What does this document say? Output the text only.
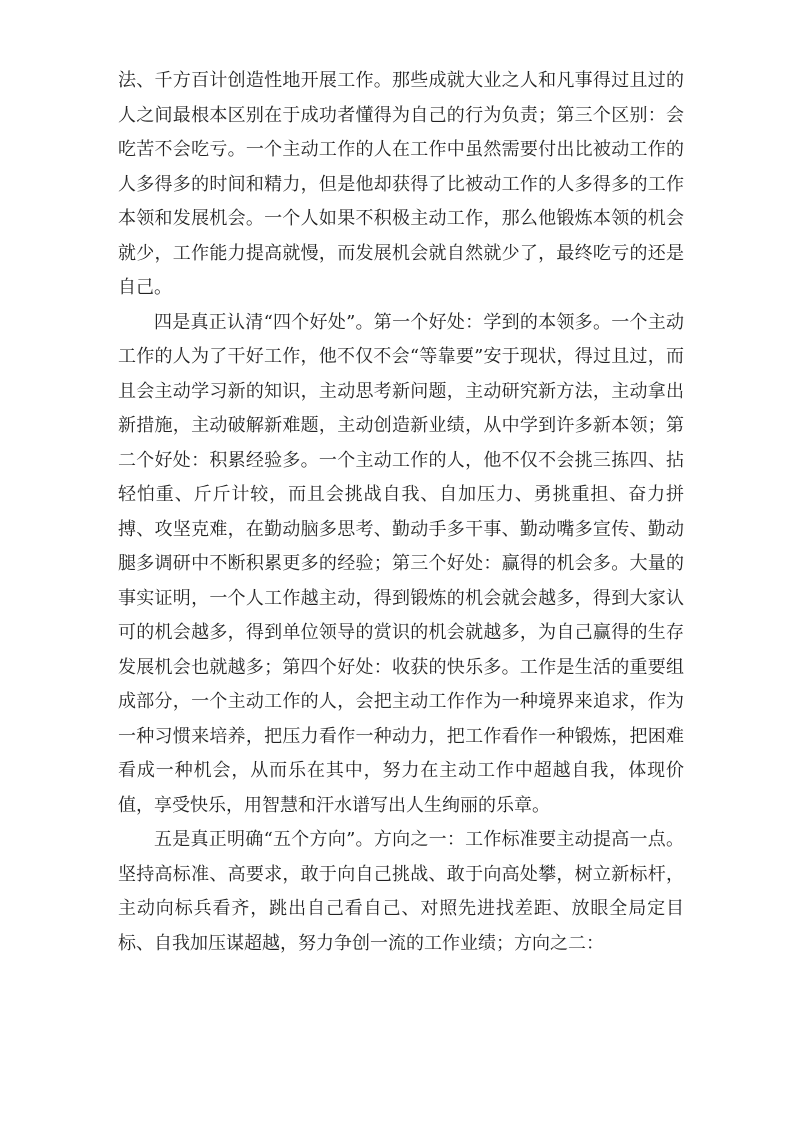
法、千方百计创造性地开展工作。那些成就大业之人和凡事得过且过的人之间最根本区别在于成功者懂得为自己的行为负责；第三个区别：会吃苦不会吃亏。一个主动工作的人在工作中虽然需要付出比被动工作的人多得多的时间和精力，但是他却获得了比被动工作的人多得多的工作本领和发展机会。一个人如果不积极主动工作，那么他锻炼本领的机会就少，工作能力提高就慢，而发展机会就自然就少了，最终吃亏的还是自己。

四是真正认清“四个好处”。第一个好处：学到的本领多。一个主动工作的人为了干好工作，他不仅不会“等靠要”安于现状，得过且过，而且会主动学习新的知识，主动思考新问题，主动研究新方法，主动拿出新措施，主动破解新难题，主动创造新业绩，从中学到许多新本领；第二个好处：积累经验多。一个主动工作的人，他不仅不会挑三拣四、拈轻怕重、斤斤计较，而且会挑战自我、自加压力、勇挑重担、奋力拼搏、攻坚克难，在勤动脑多思考、勤动手多干事、勤动嘴多宣传、勤动腿多调研中不断积累更多的经验；第三个好处：赢得的机会多。大量的事实证明，一个人工作越主动，得到锻炼的机会就会越多，得到大家认可的机会越多，得到单位领导的赏识的机会就越多，为自己赢得的生存发展机会也就越多；第四个好处：收获的快乐多。工作是生活的重要组成部分，一个主动工作的人，会把主动工作作为一种境界来追求，作为一种习惯来培养，把压力看作一种动力，把工作看作一种锻炼，把困难看成一种机会，从而乐在其中，努力在主动工作中超越自我，体现价值，享受快乐，用智慧和汗水谱写出人生绚丽的乐章。

五是真正明确“五个方向”。方向之一：工作标准要主动提高一点。坚持高标准、高要求，敢于向自己挑战、敢于向高处攀，树立新标杆，主动向标兵看齐，跳出自己看自己、对照先进找差距、放眼全局定目标、自我加压谋超越，努力争创一流的工作业绩；方向之二：
